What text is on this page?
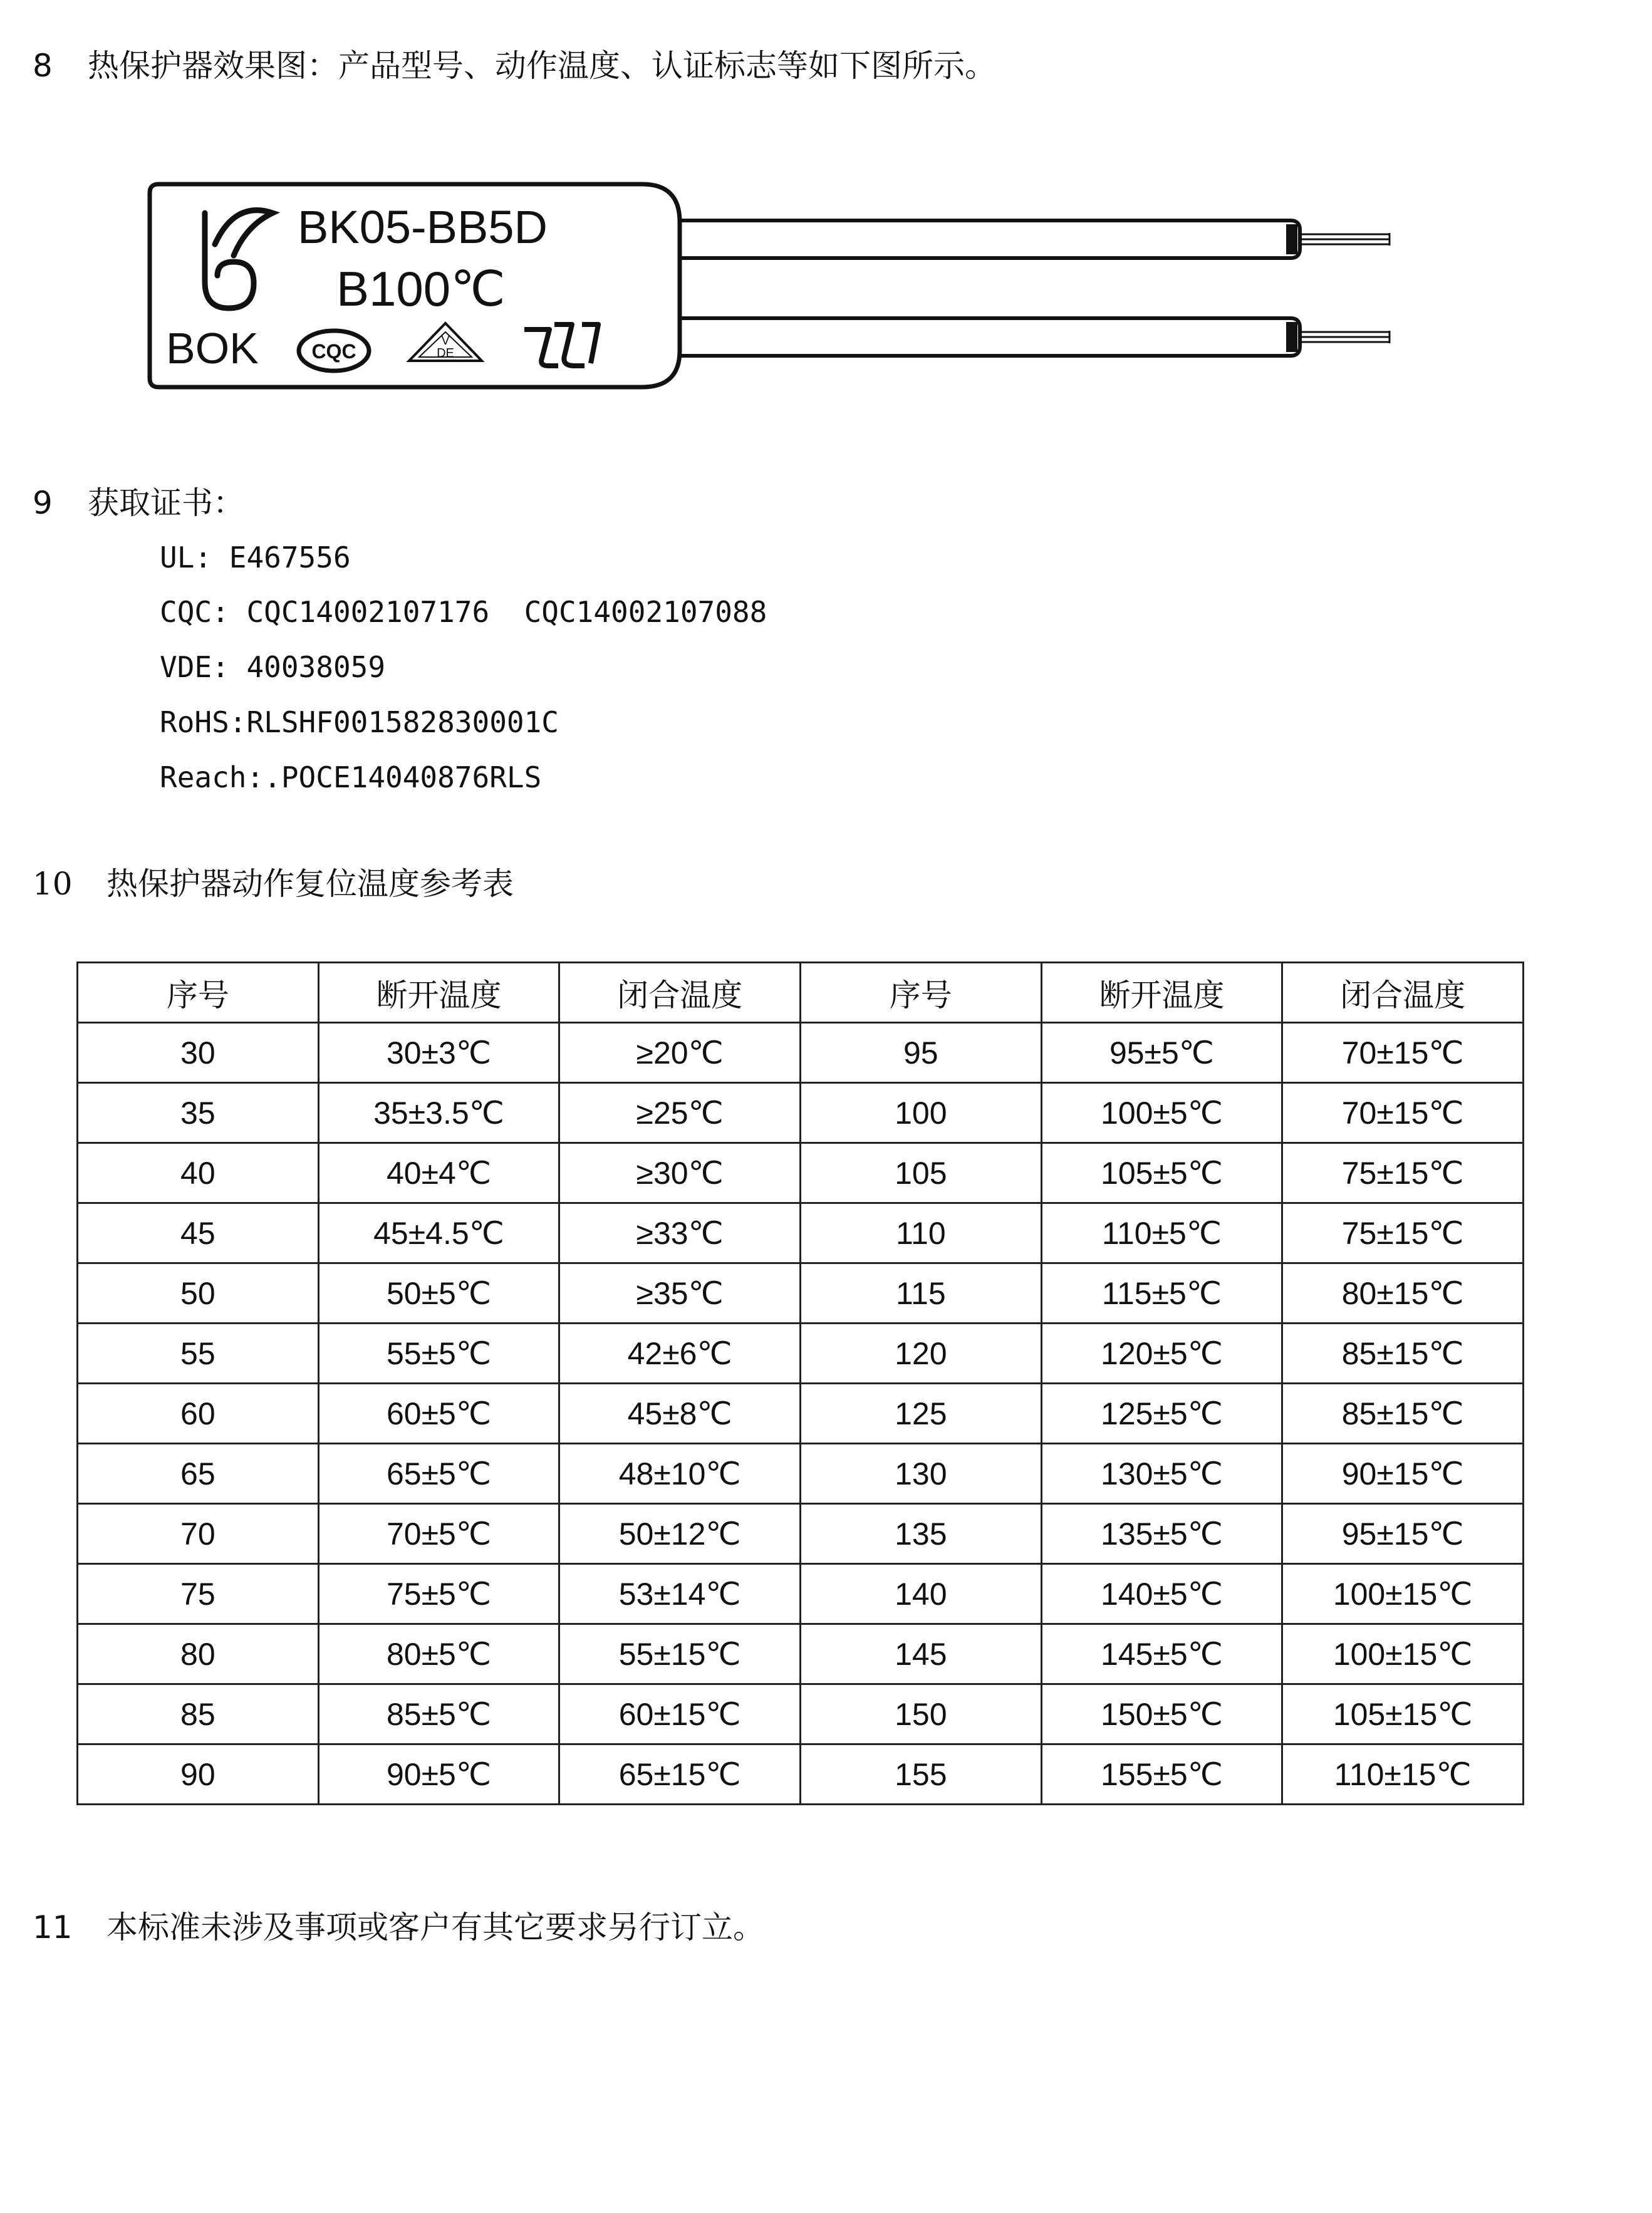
8 热保护器效果图：产品型号、动作温度、认证标志等如下图所示。
BOK
BK05-BB5D
B100℃
CQC	V
DE
9 获取证书：
UL: E467556
CQC: CQC14002107176  CQC14002107088
VDE: 40038059
RoHS:RLSHF001582830001C
Reach:.POCE14040876RLS
10 热保护器动作复位温度参考表
序号	断开温度	闭合温度	序号	断开温度	闭合温度
30	30±3℃	≥20℃	95	95±5℃	70±15℃
35	35±3.5℃	≥25℃	100	100±5℃	70±15℃
40	40±4℃	≥30℃	105	105±5℃	75±15℃
45	45±4.5℃	≥33℃	110	110±5℃	75±15℃
50	50±5℃	≥35℃	115	115±5℃	80±15℃
55	55±5℃	42±6℃	120	120±5℃	85±15℃
60	60±5℃	45±8℃	125	125±5℃	85±15℃
65	65±5℃	48±10℃	130	130±5℃	90±15℃
70	70±5℃	50±12℃	135	135±5℃	95±15℃
75	75±5℃	53±14℃	140	140±5℃	100±15℃
80	80±5℃	55±15℃	145	145±5℃	100±15℃
85	85±5℃	60±15℃	150	150±5℃	105±15℃
90	90±5℃	65±15℃	155	155±5℃	110±15℃
11 本标准未涉及事项或客户有其它要求另行订立。
